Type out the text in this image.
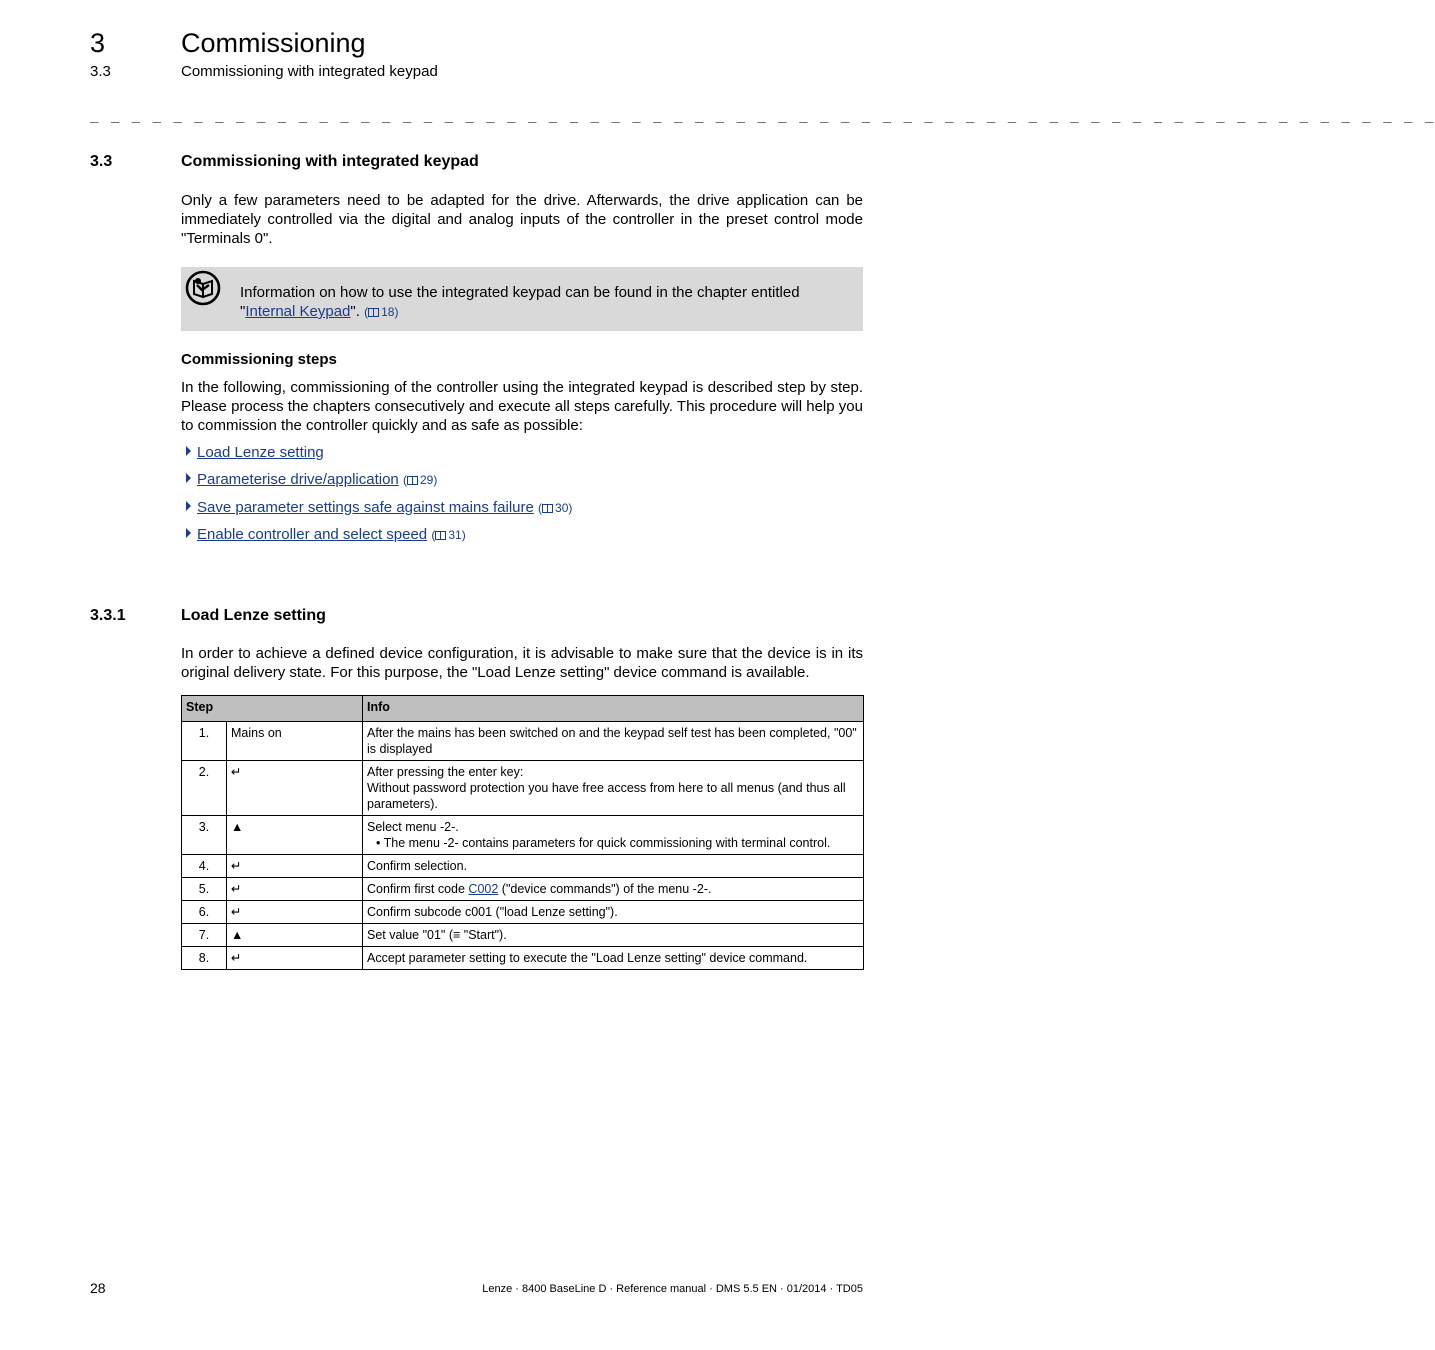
3	Commissioning
3.3	Commissioning with integrated keypad
_ _ _ _ _ _ _ _ _ _ _ _ _ _ _ _ _ _ _ _ _ _ _ _ _ _ _ _ _ _ _ _ _ _ _ _ _ _ _ _ _ _ _ _ _ _ _ _ _ _ _ _ _ _ _ _ _ _ _ _ _ _ _ _ _
3.3	Commissioning with integrated keypad
Only a few parameters need to be adapted for the drive. Afterwards, the drive application can be immediately controlled via the digital and analog inputs of the controller in the preset control mode "Terminals 0".
Information on how to use the integrated keypad can be found in the chapter entitled "Internal Keypad". ( 18)
Commissioning steps
In the following, commissioning of the controller using the integrated keypad is described step by step. Please process the chapters consecutively and execute all steps carefully. This procedure will help you to commission the controller quickly and as safe as possible:
Load Lenze setting
Parameterise drive/application ( 29)
Save parameter settings safe against mains failure ( 30)
Enable controller and select speed ( 31)
3.3.1	Load Lenze setting
In order to achieve a defined device configuration, it is advisable to make sure that the device is in its original delivery state. For this purpose, the "Load Lenze setting" device command is available.
Step		Info
1.	Mains on	After the mains has been switched on and the keypad self test has been completed, "00" is displayed
2.	↵	After pressing the enter key:
Without password protection you have free access from here to all menus (and thus all parameters).

3.	▲	Select menu -2-.
• The menu -2- contains parameters for quick commissioning with terminal control.

4.	↵	Confirm selection.
5.	↵	Confirm first code C002 ("device commands") of the menu -2-.
6.	↵	Confirm subcode c001 ("load Lenze setting").
7.	▲	Set value "01" (≡ "Start").
8.	↵	Accept parameter setting to execute the "Load Lenze setting" device command.
28	Lenze · 8400 BaseLine D · Reference manual · DMS 5.5 EN · 01/2014 · TD05
